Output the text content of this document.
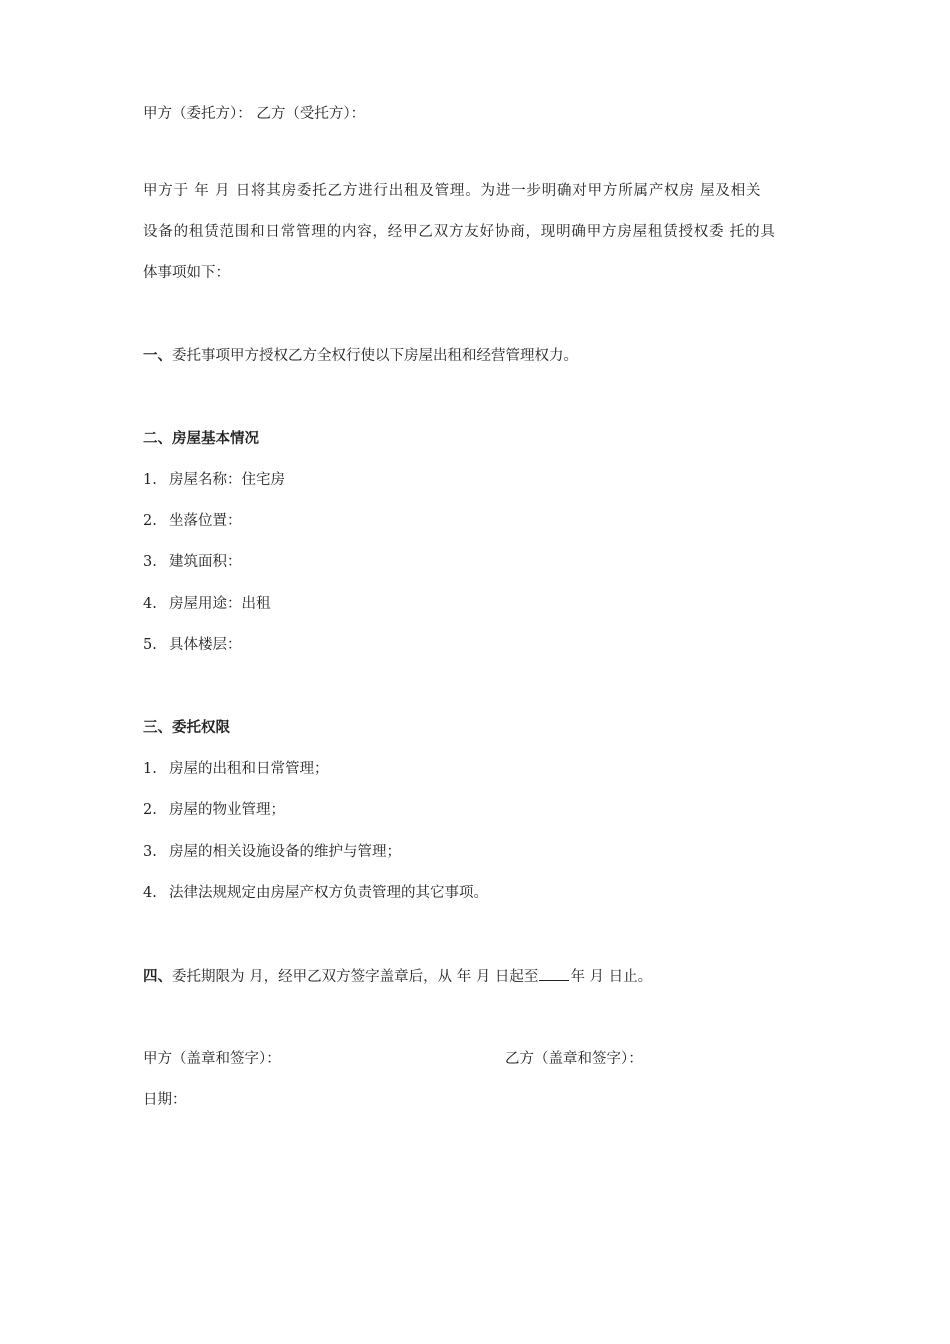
甲方（委托方）： 乙方（受托方）：
甲方于 年 月 日将其房委托乙方进行出租及管理。为进一步明确对甲方所属产权房 屋及相关
设备的租赁范围和日常管理的内容，经甲乙双方友好协商，现明确甲方房屋租赁授权委 托的具
体事项如下：
一、委托事项甲方授权乙方全权行使以下房屋出租和经营管理权力。
二、房屋基本情况
1. 房屋名称：住宅房
2. 坐落位置：
3. 建筑面积：
4. 房屋用途：出租
5. 具体楼层：
三、委托权限
1. 房屋的出租和日常管理；
2. 房屋的物业管理；
3. 房屋的相关设施设备的维护与管理；
4. 法律法规规定由房屋产权方负责管理的其它事项。
四、委托期限为 月，经甲乙双方签字盖章后，从 年 月 日起至 年 月 日止。
甲方（盖章和签字）：	乙方（盖章和签字）：
日期：
